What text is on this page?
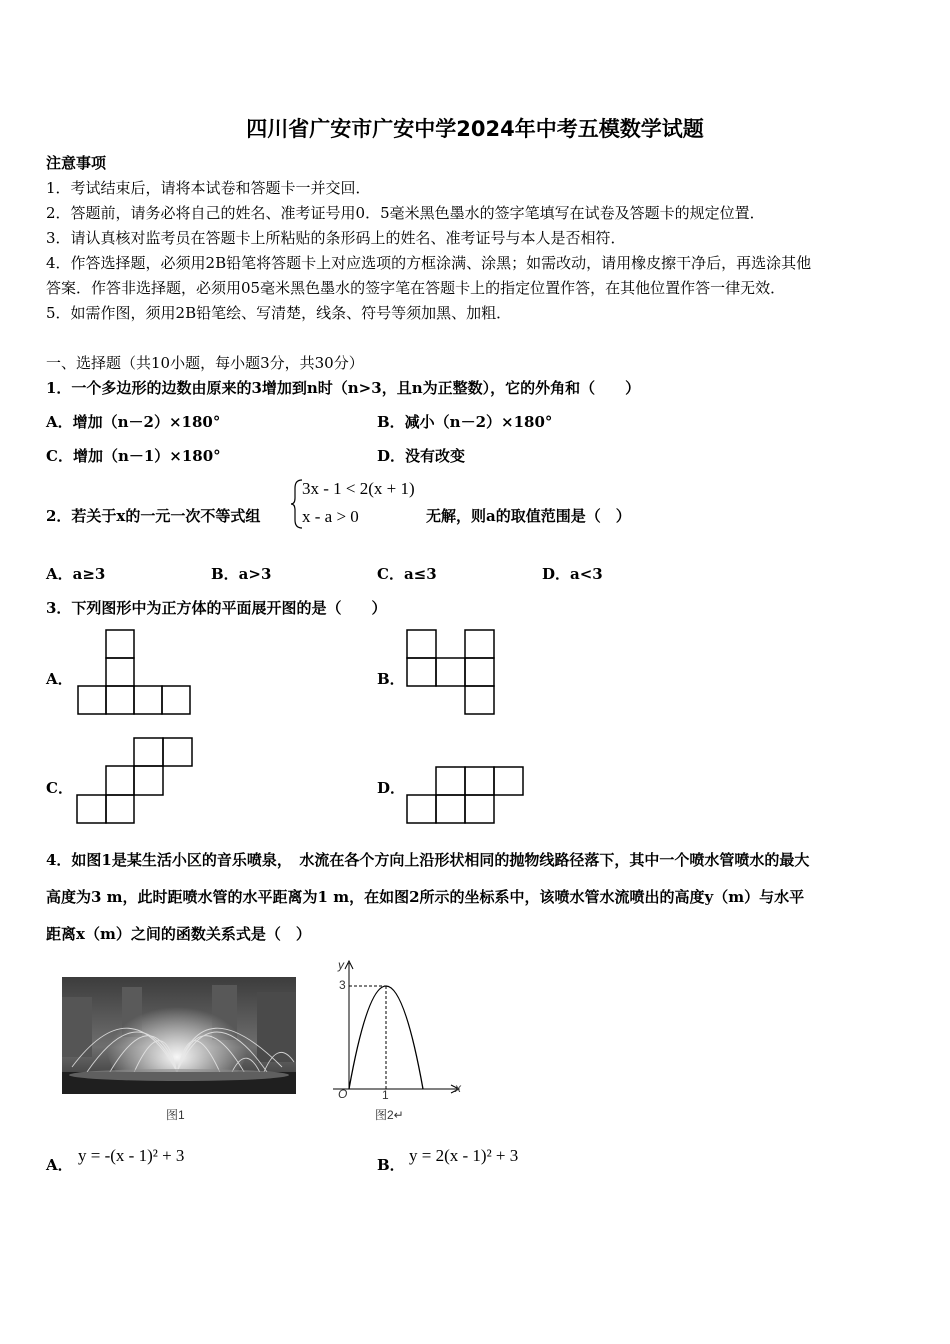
四川省广安市广安中学2024年中考五模数学试题
注意事项
1．考试结束后，请将本试卷和答题卡一并交回．
2．答题前，请务必将自己的姓名、准考证号用0．5毫米黑色墨水的签字笔填写在试卷及答题卡的规定位置．
3．请认真核对监考员在答题卡上所粘贴的条形码上的姓名、准考证号与本人是否相符．
4．作答选择题，必须用2B铅笔将答题卡上对应选项的方框涂满、涂黑；如需改动，请用橡皮擦干净后，再选涂其他
答案．作答非选择题，必须用05毫米黑色墨水的签字笔在答题卡上的指定位置作答，在其他位置作答一律无效．
5．如需作图，须用2B铅笔绘、写清楚，线条、符号等须加黑、加粗．
一、选择题（共10小题，每小题3分，共30分）
1．一个多边形的边数由原来的3增加到n时（n>3，且n为正整数），它的外角和（　　）
A．增加（n－2）×180°	B．减小（n－2）×180°
C．增加（n－1）×180°	D．没有改变
2．若关于x的一元一次不等式组
3x - 1 < 2(x + 1)
x - a > 0	无解，则a的取值范围是（　）
A．a≥3	B．a>3	C．a≤3	D．a<3
3．下列图形中为正方体的平面展开图的是（　　）
A．	B．
C．	D．
4．如图1是某生活小区的音乐喷泉，　水流在各个方向上沿形状相同的抛物线路径落下，其中一个喷水管喷水的最大
高度为3 m，此时距喷水管的水平距离为1 m，在如图2所示的坐标系中，该喷水管水流喷出的高度y（m）与水平
距离x（m）之间的函数关系式是（　）
图1
y
x
O
3
1
图2↵
A． y = -(x - 1)² + 3	B． y = 2(x - 1)² + 3
